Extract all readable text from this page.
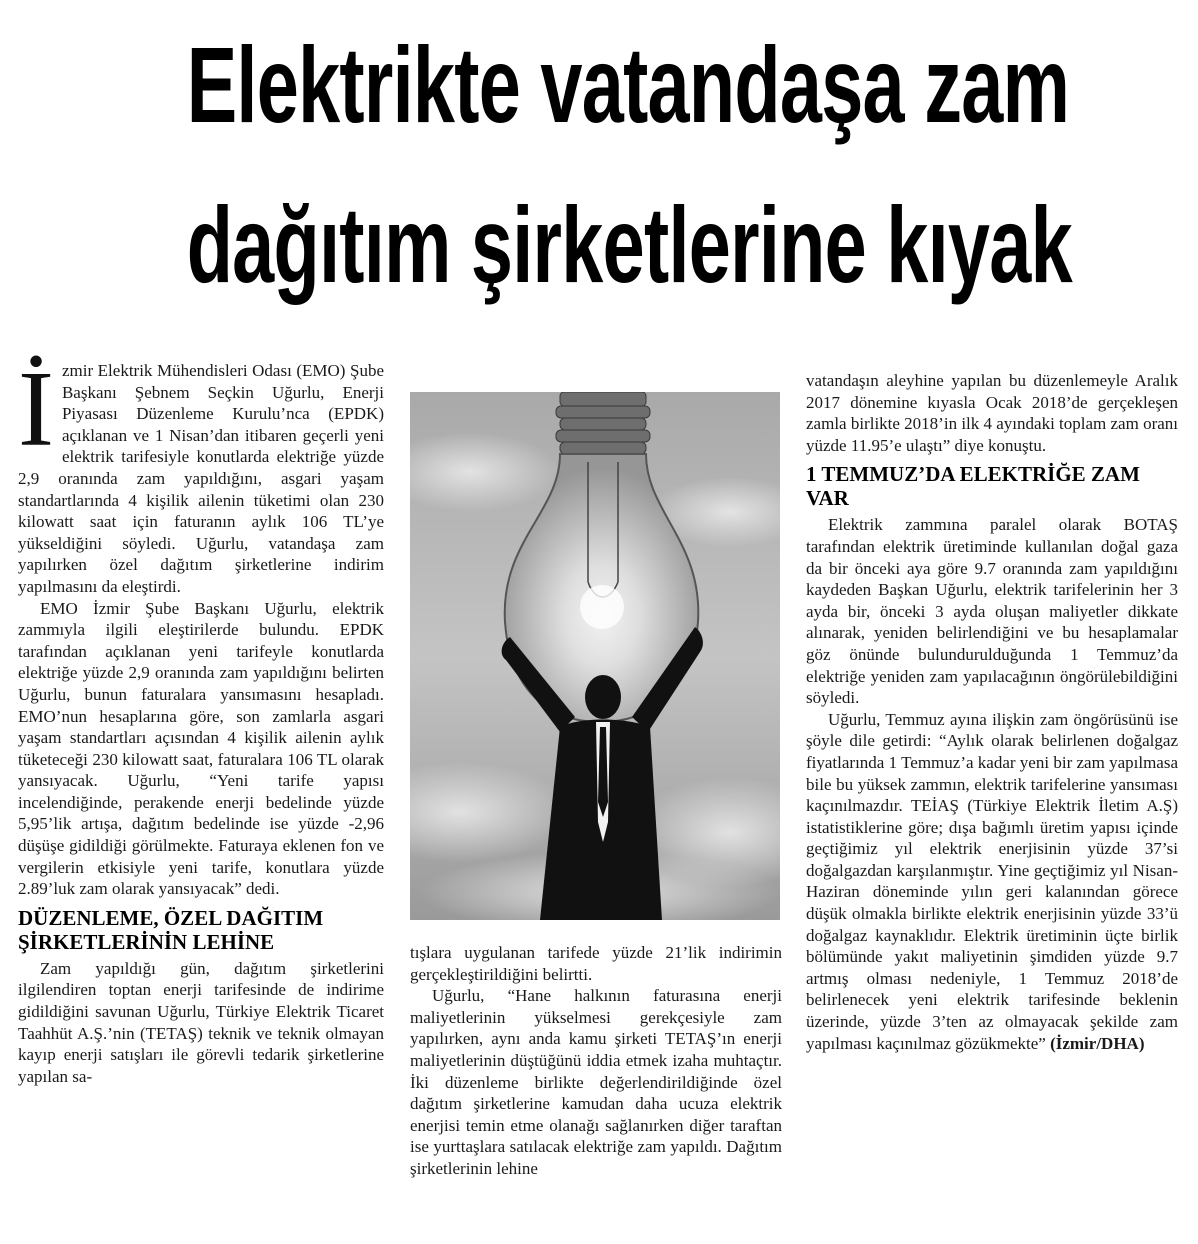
Elektrikte vatandaşa zam
dağıtım şirketlerine kıyak
İ zmir Elektrik Mühendisleri Odası (EMO) Şube Başkanı Şebnem Seçkin Uğurlu, Enerji Piyasası Düzenleme Kurulu’nca (EPDK) açıklanan ve 1 Nisan’dan itibaren geçerli yeni elektrik tarifesiyle konutlarda elektriğe yüzde 2,9 oranında zam yapıldığını, asgari yaşam standartlarında 4 kişilik ailenin tüketimi olan 230 kilowatt saat için faturanın aylık 106 TL’ye yükseldiğini söyledi. Uğurlu, vatandaşa zam yapılırken özel dağıtım şirketlerine indirim yapılmasını da eleştirdi.

EMO İzmir Şube Başkanı Uğurlu, elektrik zammıyla ilgili eleştirilerde bulundu. EPDK tarafından açıklanan yeni tarifeyle konutlarda elektriğe yüzde 2,9 oranında zam yapıldığını belirten Uğurlu, bunun faturalara yansımasını hesapladı. EMO’nun hesaplarına göre, son zamlarla asgari yaşam standartları açısından 4 kişilik ailenin aylık tüketeceği 230 kilowatt saat, faturalara 106 TL olarak yansıyacak. Uğurlu, “Yeni tarife yapısı incelendiğinde, perakende enerji bedelinde yüzde 5,95’lik artışa, dağıtım bedelinde ise yüzde -2,96 düşüşe gidildiği görülmekte. Faturaya eklenen fon ve vergilerin etkisiyle yeni tarife, konutlara yüzde 2.89’luk zam olarak yansıyacak” dedi.

DÜZENLEME, ÖZEL DAĞITIM ŞİRKETLERİNİN LEHİNE

Zam yapıldığı gün, dağıtım şirketlerini ilgilendiren toptan enerji tarifesinde de indirime gidildiğini savunan Uğurlu, Türkiye Elektrik Ticaret Taahhüt A.Ş.’nin (TETAŞ) teknik ve teknik olmayan kayıp enerji satışları ile görevli tedarik şirketlerine yapılan sa-

tışlara uygulanan tarifede yüzde 21’lik indirimin gerçekleştirildiğini belirtti.

Uğurlu, “Hane halkının faturasına enerji maliyetlerinin yükselmesi gerekçesiyle zam yapılırken, aynı anda kamu şirketi TETAŞ’ın enerji maliyetlerinin düştüğünü iddia etmek izaha muhtaçtır. İki düzenleme birlikte değerlendirildiğinde özel dağıtım şirketlerine kamudan daha ucuza elektrik enerjisi temin etme olanağı sağlanırken diğer taraftan ise yurttaşlara satılacak elektriğe zam yapıldı. Dağıtım şirketlerinin lehine

vatandaşın aleyhine yapılan bu düzenlemeyle Aralık 2017 dönemine kıyasla Ocak 2018’de gerçekleşen zamla birlikte 2018’in ilk 4 ayındaki toplam zam oranı yüzde 11.95’e ulaştı” diye konuştu.

1 TEMMUZ’DA ELEKTRİĞE ZAM VAR

Elektrik zammına paralel olarak BOTAŞ tarafından elektrik üretiminde kullanılan doğal gaza da bir önceki aya göre 9.7 oranında zam yapıldığını kaydeden Başkan Uğurlu, elektrik tarifelerinin her 3 ayda bir, önceki 3 ayda oluşan maliyetler dikkate alınarak, yeniden belirlendiğini ve bu hesaplamalar göz önünde bulundurulduğunda 1 Temmuz’da elektriğe yeniden zam yapılacağının öngörülebildiğini söyledi.

Uğurlu, Temmuz ayına ilişkin zam öngörüsünü ise şöyle dile getirdi: “Aylık olarak belirlenen doğalgaz fiyatlarında 1 Temmuz’a kadar yeni bir zam yapılmasa bile bu yüksek zammın, elektrik tarifelerine yansıması kaçınılmazdır. TEİAŞ (Türkiye Elektrik İletim A.Ş) istatistiklerine göre; dışa bağımlı üretim yapısı içinde geçtiğimiz yıl elektrik enerjisinin yüzde 37’si doğalgazdan karşılanmıştır. Yine geçtiğimiz yıl Nisan-Haziran döneminde yılın geri kalanından görece düşük olmakla birlikte elektrik enerjisinin yüzde 33’ü doğalgaz kaynaklıdır. Elektrik üretiminin üçte birlik bölümünde yakıt maliyetinin şimdiden yüzde 9.7 artmış olması nedeniyle, 1 Temmuz 2018’de belirlenecek yeni elektrik tarifesinde beklenin üzerinde, yüzde 3’ten az olmayacak şekilde zam yapılması kaçınılmaz gözükmekte” (İzmir/DHA)
